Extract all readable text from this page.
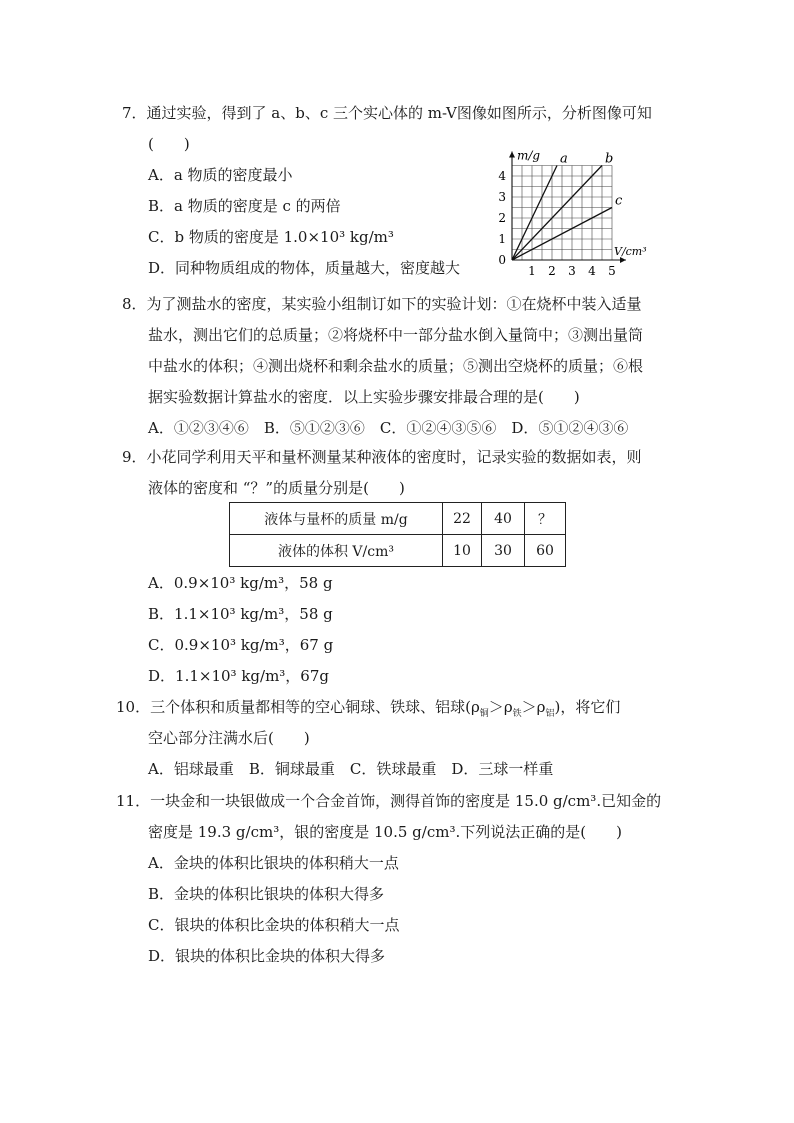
7．通过实验，得到了 a、b、c 三个实心体的 m-V图像如图所示，分析图像可知
(　　)
A．a 物质的密度最小
B．a 物质的密度是 c 的两倍
C．b 物质的密度是 1.0×10³ kg/m³
D．同种物质组成的物体，质量越大，密度越大	1 2 3 4 5
1
2
3
4
0
m/g
V/cm³
a	b
c
8．为了测盐水的密度，某实验小组制订如下的实验计划：①在烧杯中装入适量
盐水，测出它们的总质量；②将烧杯中一部分盐水倒入量筒中；③测出量筒
中盐水的体积；④测出烧杯和剩余盐水的质量；⑤测出空烧杯的质量；⑥根
据实验数据计算盐水的密度．以上实验步骤安排最合理的是(　　)
A．①②③④⑥　B．⑤①②③⑥　C．①②④③⑤⑥　D．⑤①②④③⑥
9．小花同学利用天平和量杯测量某种液体的密度时，记录实验的数据如表，则
液体的密度和 “？”的质量分别是(　　)
液体与量杯的质量 m/g	22	40	？
液体的体积 V/cm³	10	30	60
A．0.9×10³ kg/m³，58 g
B．1.1×10³ kg/m³，58 g
C．0.9×10³ kg/m³，67 g
D．1.1×10³ kg/m³，67g
10．三个体积和质量都相等的空心铜球、铁球、铝球$(\rho_铜>\rho_铁>\rho_铝)$，将它们
空心部分注满水后(　　)
A．铝球最重　B．铜球最重　C．铁球最重　D．三球一样重
11．一块金和一块银做成一个合金首饰，测得首饰的密度是 15.0 g/cm³.已知金的
密度是 19.3 g/cm³，银的密度是 10.5 g/cm³.下列说法正确的是(　　)
A．金块的体积比银块的体积稍大一点
B．金块的体积比银块的体积大得多
C．银块的体积比金块的体积稍大一点
D．银块的体积比金块的体积大得多
